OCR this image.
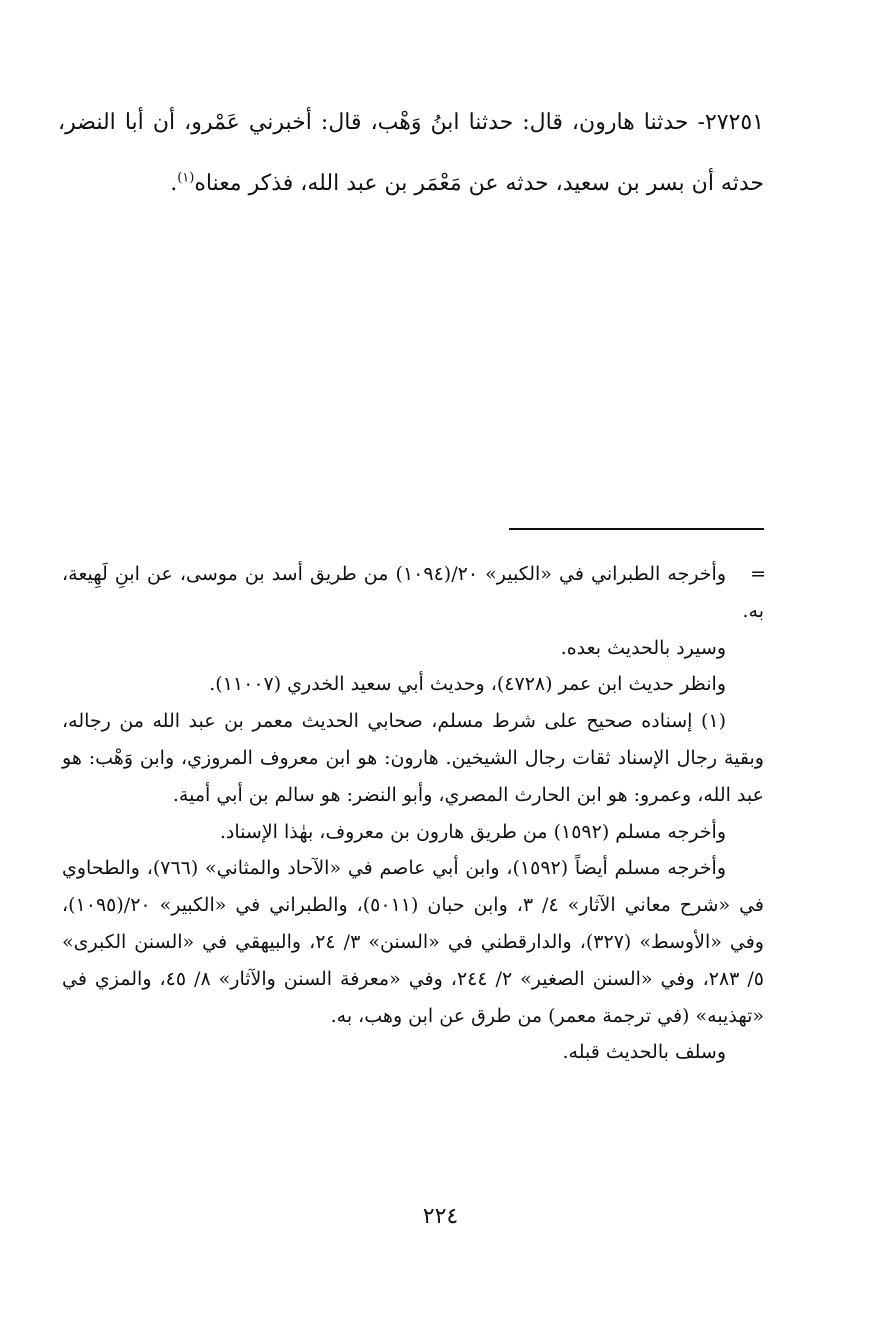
٢٧٢٥١- حدثنا هارون، قال: حدثنا ابنُ وَهْب، قال: أخبرني عَمْرو، أن أبا النضر، حدثه أن بسر بن سعيد، حدثه عن مَعْمَر بن عبد الله، فذكر معناه$^{(١)}$.

=

وأخرجه الطبراني في «الكبير» ٢٠/(١٠٩٤) من طريق أسد بن موسى، عن ابنِ لَهِيعة، به.

وسيرد بالحديث بعده.

وانظر حديث ابن عمر (٤٧٢٨)، وحديث أبي سعيد الخدري (١١٠٠٧).

(١) إسناده صحيح على شرط مسلم، صحابي الحديث معمر بن عبد الله من رجاله، وبقية رجال الإسناد ثقات رجال الشيخين. هارون: هو ابن معروف المروزي، وابن وَهْب: هو عبد الله، وعمرو: هو ابن الحارث المصري، وأبو النضر: هو سالم بن أبي أمية.

وأخرجه مسلم (١٥٩٢) من طريق هارون بن معروف، بهٰذا الإسناد.

وأخرجه مسلم أيضاً (١٥٩٢)، وابن أبي عاصم في «الآحاد والمثاني» (٧٦٦)، والطحاوي في «شرح معاني الآثار» ٤/ ٣، وابن حبان (٥٠١١)، والطبراني في «الكبير» ٢٠/(١٠٩٥)، وفي «الأوسط» (٣٢٧)، والدارقطني في «السنن» ٣/ ٢٤، والبيهقي في «السنن الكبرى» ٥/ ٢٨٣، وفي «السنن الصغير» ٢/ ٢٤٤، وفي «معرفة السنن والآثار» ٨/ ٤٥، والمزي في «تهذيبه» (في ترجمة معمر) من طرق عن ابن وهب، به.

وسلف بالحديث قبله.

٢٢٤
